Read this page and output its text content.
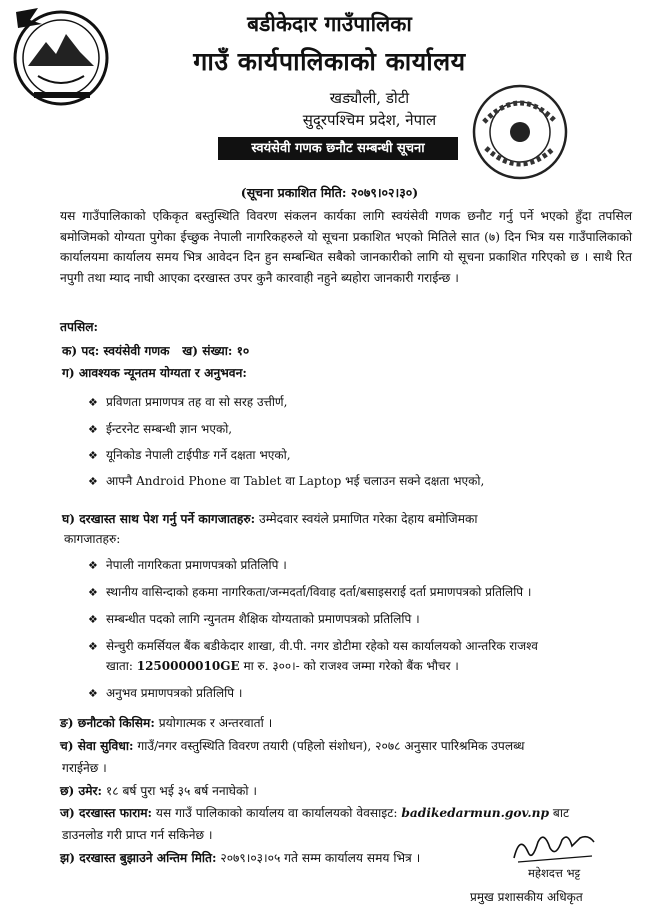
बडीकेदार गाउँपालिका
गाउँ कार्यपालिकाको कार्यालय
खड्यौली, डोटी
सुदूरपश्चिम प्रदेश, नेपाल
स्वयंसेवी गणक छनौट सम्बन्धी सूचना
(सूचना प्रकाशित मिति: २०७९।०२।३०)
यस गाउँपालिकाको एकिकृत बस्तुस्थिति विवरण संकलन कार्यका लागि स्वयंसेवी गणक छनौट गर्नु पर्ने भएको हुँदा तपसिल बमोजिमको योग्यता पुगेका ईच्छुक नेपाली नागरिकहरुले यो सूचना प्रकाशित भएको मितिले सात (७) दिन भित्र यस गाउँपालिकाको कार्यालयमा कार्यालय समय भित्र आवेदन दिन हुन सम्बन्धित सबैको जानकारीको लागि यो सूचना प्रकाशित गरिएको छ । साथै रित नपुगी तथा म्याद नाघी आएका दरखास्त उपर कुनै कारवाही नहुने ब्यहोरा जानकारी गराईन्छ ।
तपसिल:
क) पद: स्वयंसेवी गणक ख) संख्या: १०
ग) आवश्यक न्यूनतम योग्यता र अनुभवन:
❖ प्रविणता प्रमाणपत्र तह वा सो सरह उत्तीर्ण,
❖ ईन्टरनेट सम्बन्धी ज्ञान भएको,
❖ यूनिकोड नेपाली टाईपीङ गर्ने दक्षता भएको,
❖ आफ्नै Android Phone वा Tablet वा Laptop भई चलाउन सक्ने दक्षता भएको,
घ) दरखास्त साथ पेश गर्नु पर्ने कागजातहरु: उम्मेदवार स्वयंले प्रमाणित गरेका देहाय बमोजिमका
कागजातहरु:
❖ नेपाली नागरिकता प्रमाणपत्रको प्रतिलिपि ।
❖ स्थानीय वासिन्दाको हकमा नागरिकता/जन्मदर्ता/विवाह दर्ता/बसाइसराई दर्ता प्रमाणपत्रको प्रतिलिपि ।
❖ सम्बन्धीत पदको लागि न्युनतम शैक्षिक योग्यताको प्रमाणपत्रको प्रतिलिपि ।
❖ सेन्चुरी कमर्सियल बैंक बडीकेदार शाखा, वी.पी. नगर डोटीमा रहेको यस कार्यालयको आन्तरिक राजश्व
खाता: 1250000010GE मा रु. ३००।- को राजश्व जम्मा गरेको बैंक भौचर ।
❖ अनुभव प्रमाणपत्रको प्रतिलिपि ।
ङ) छनौटको किसिम: प्रयोगात्मक र अन्तरवार्ता ।
च) सेवा सुविधा: गाउँ/नगर वस्तुस्थिति विवरण तयारी (पहिलो संशोधन), २०७८ अनुसार पारिश्रमिक उपलब्ध
गराईनेछ ।
छ) उमेर: १८ बर्ष पुरा भई ३५ बर्ष ननाघेको ।
ज) दरखास्त फाराम: यस गाउँ पालिकाको कार्यालय वा कार्यालयको वेवसाइट: badikedarmun.gov.np बाट
डाउनलोड गरी प्राप्त गर्न सकिनेछ ।
झ) दरखास्त बुझाउने अन्तिम मिति: २०७९।०३।०५ गते सम्म कार्यालय समय भित्र ।
महेशदत्त भट्ट
प्रमुख प्रशासकीय अधिकृत
